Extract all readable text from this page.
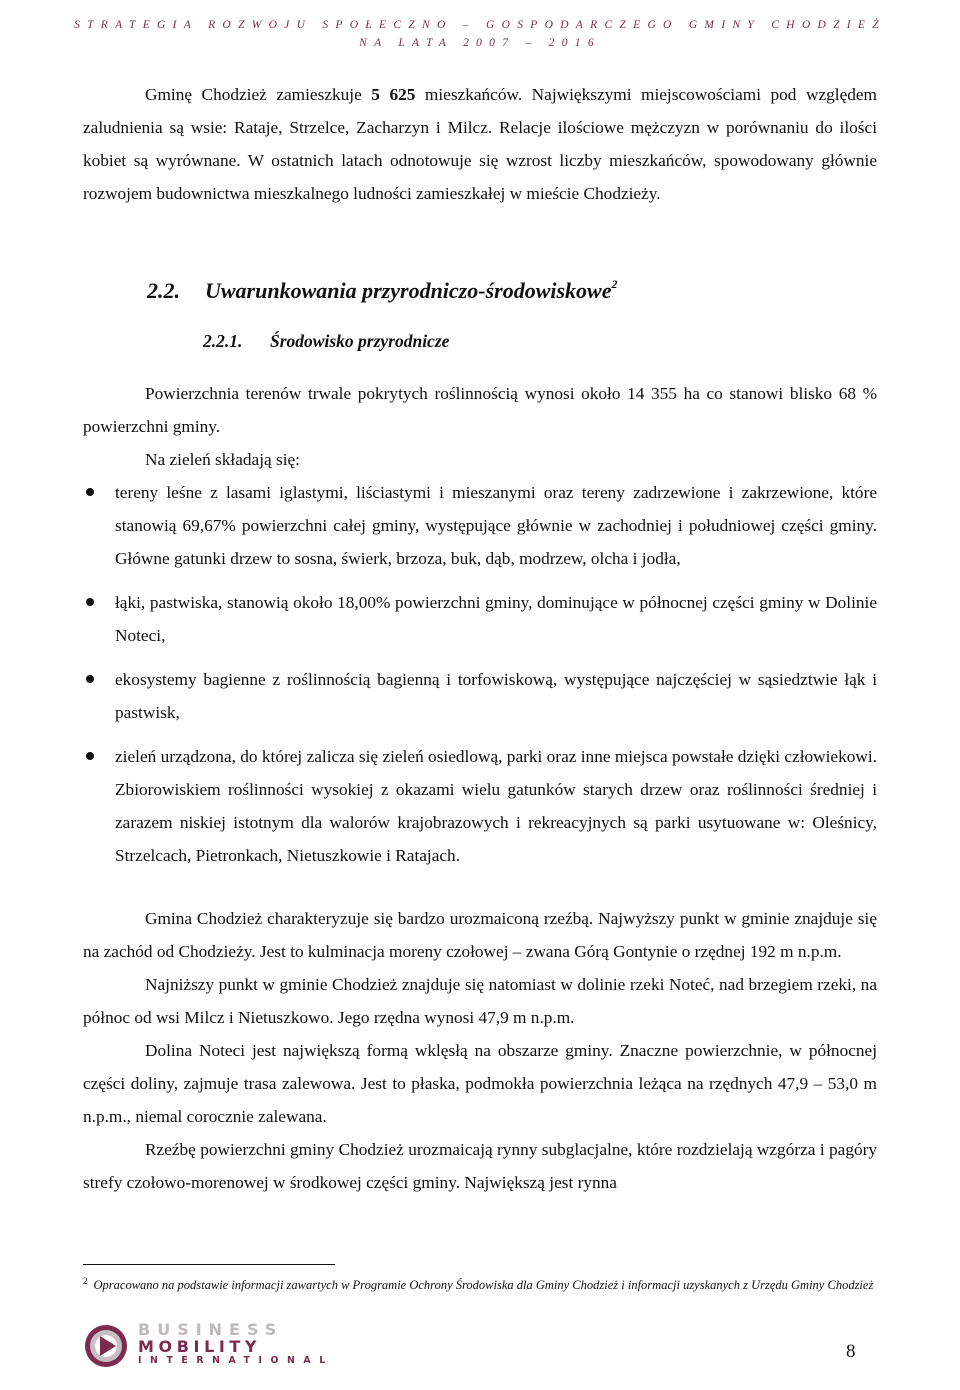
STRATEGIA ROZWOJU SPOŁECZNO – GOSPODARCZEGO GMINY CHODZIEŻ
NA LATA 2007 – 2016

Gminę Chodzież zamieszkuje 5 625 mieszkańców. Największymi miejscowościami pod względem zaludnienia są wsie: Rataje, Strzelce, Zacharzyn i Milcz. Relacje ilościowe mężczyzn w porównaniu do ilości kobiet są wyrównane. W ostatnich latach odnotowuje się wzrost liczby mieszkańców, spowodowany głównie rozwojem budownictwa mieszkalnego ludności zamieszkałej w mieście Chodzieży.

2.2. Uwarunkowania przyrodniczo-środowiskowe$^2$
2.2.1. Środowisko przyrodnicze

Powierzchnia terenów trwale pokrytych roślinnością wynosi około 14 355 ha co stanowi blisko 68 % powierzchni gminy.

Na zieleń składają się:

tereny leśne z lasami iglastymi, liściastymi i mieszanymi oraz tereny zadrzewione i zakrzewione, które stanowią 69,67% powierzchni całej gminy, występujące głównie w zachodniej i południowej części gminy. Główne gatunki drzew to sosna, świerk, brzoza, buk, dąb, modrzew, olcha i jodła,
łąki, pastwiska, stanowią około 18,00% powierzchni gminy, dominujące w północnej części gminy w Dolinie Noteci,
ekosystemy bagienne z roślinnością bagienną i torfowiskową, występujące najczęściej w sąsiedztwie łąk i pastwisk,
zieleń urządzona, do której zalicza się zieleń osiedlową, parki oraz inne miejsca powstałe dzięki człowiekowi. Zbiorowiskiem roślinności wysokiej z okazami wielu gatunków starych drzew oraz roślinności średniej i zarazem niskiej istotnym dla walorów krajobrazowych i rekreacyjnych są parki usytuowane w: Oleśnicy, Strzelcach, Pietronkach, Nietuszkowie i Ratajach.

Gmina Chodzież charakteryzuje się bardzo urozmaiconą rzeźbą. Najwyższy punkt w gminie znajduje się na zachód od Chodzieży. Jest to kulminacja moreny czołowej – zwana Górą Gontynie o rzędnej 192 m n.p.m.

Najniższy punkt w gminie Chodzież znajduje się natomiast w dolinie rzeki Noteć, nad brzegiem rzeki, na północ od wsi Milcz i Nietuszkowo. Jego rzędna wynosi 47,9 m n.p.m.

Dolina Noteci jest największą formą wklęsłą na obszarze gminy. Znaczne powierzchnie, w północnej części doliny, zajmuje trasa zalewowa. Jest to płaska, podmokła powierzchnia leżąca na rzędnych 47,9 – 53,0 m n.p.m., niemal corocznie zalewana.

Rzeźbę powierzchni gminy Chodzież urozmaicają rynny subglacjalne, które rozdzielają wzgórza i pagóry strefy czołowo-morenowej w środkowej części gminy. Największą jest rynna

$^2$ Opracowano na podstawie informacji zawartych w Programie Ochrony Środowiska dla Gminy Chodzież i informacji uzyskanych z Urzędu Gminy Chodzież
BUSINESS
MOBILITY
INTERNATIONAL	8
